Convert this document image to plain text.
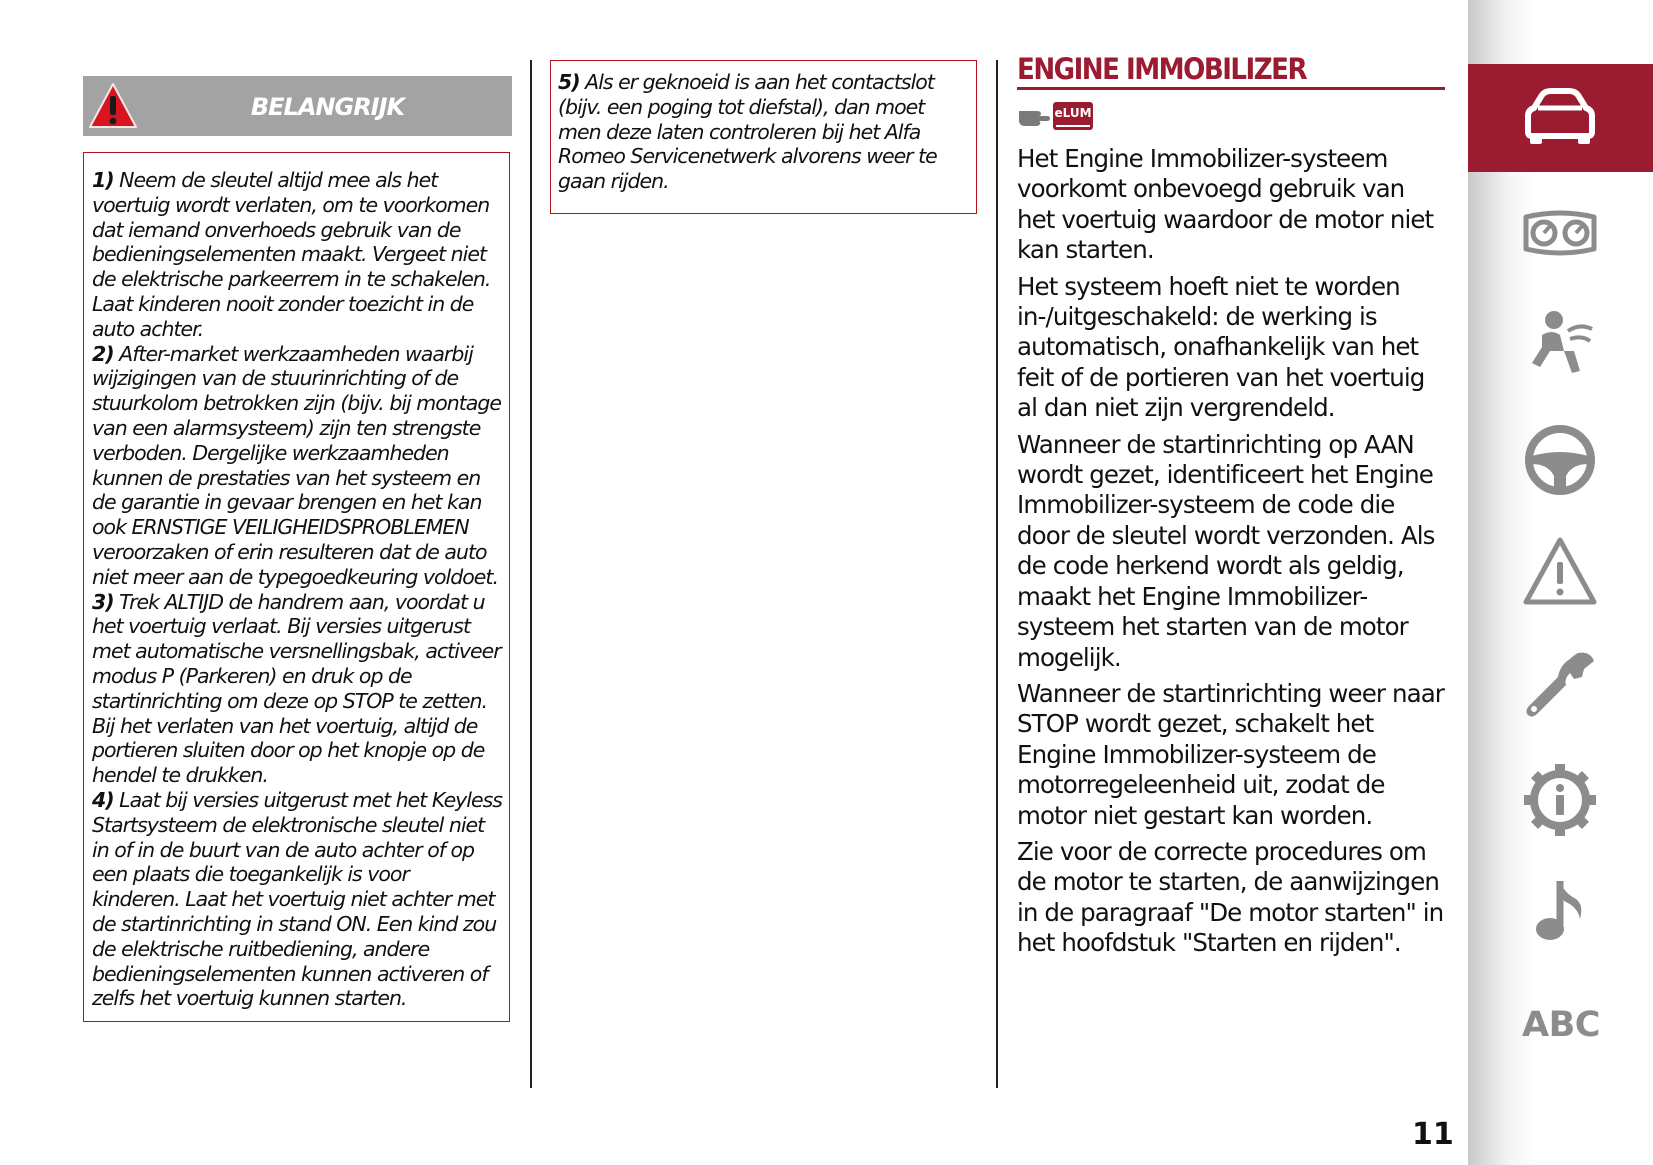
BELANGRIJK

1) Neem de sleutel altijd mee als het voertuig wordt verlaten, om te voorkomen dat iemand onverhoeds gebruik van de bedieningselementen maakt. Vergeet niet de elektrische parkeerrem in te schakelen. Laat kinderen nooit zonder toezicht in de auto achter.

2) After-market werkzaamheden waarbij wijzigingen van de stuurinrichting of de stuurkolom betrokken zijn (bijv. bij montage van een alarmsysteem) zijn ten strengste verboden. Dergelijke werkzaamheden kunnen de prestaties van het systeem en de garantie in gevaar brengen en het kan ook ERNSTIGE VEILIGHEIDSPROBLEMEN veroorzaken of erin resulteren dat de auto niet meer aan de typegoedkeuring voldoet.

3) Trek ALTIJD de handrem aan, voordat u het voertuig verlaat. Bij versies uitgerust met automatische versnellingsbak, activeer modus P (Parkeren) en druk op de startinrichting om deze op STOP te zetten. Bij het verlaten van het voertuig, altijd de portieren sluiten door op het knopje op de hendel te drukken.

4) Laat bij versies uitgerust met het Keyless Startsysteem de elektronische sleutel niet in of in de buurt van de auto achter of op een plaats die toegankelijk is voor kinderen. Laat het voertuig niet achter met de startinrichting in stand ON. Een kind zou de elektrische ruitbediening, andere bedieningselementen kunnen activeren of zelfs het voertuig kunnen starten.

5) Als er geknoeid is aan het contactslot (bijv. een poging tot diefstal), dan moet men deze laten controleren bij het Alfa Romeo Servicenetwerk alvorens weer te gaan rijden.

ENGINE IMMOBILIZER
eLUM

Het Engine Immobilizer-systeem voorkomt onbevoegd gebruik van het voertuig waardoor de motor niet kan starten.

Het systeem hoeft niet te worden in-/uitgeschakeld: de werking is automatisch, onafhankelijk van het feit of de portieren van het voertuig al dan niet zijn vergrendeld.

Wanneer de startinrichting op AAN wordt gezet, identificeert het Engine Immobilizer-systeem de code die door de sleutel wordt verzonden. Als de code herkend wordt als geldig, maakt het Engine Immobilizer-systeem het starten van de motor mogelijk.

Wanneer de startinrichting weer naar STOP wordt gezet, schakelt het Engine Immobilizer-systeem de motorregeleenheid uit, zodat de motor niet gestart kan worden.

Zie voor de correcte procedures om de motor te starten, de aanwijzingen in de paragraaf "De motor starten" in het hoofdstuk "Starten en rijden".

ABC
11
